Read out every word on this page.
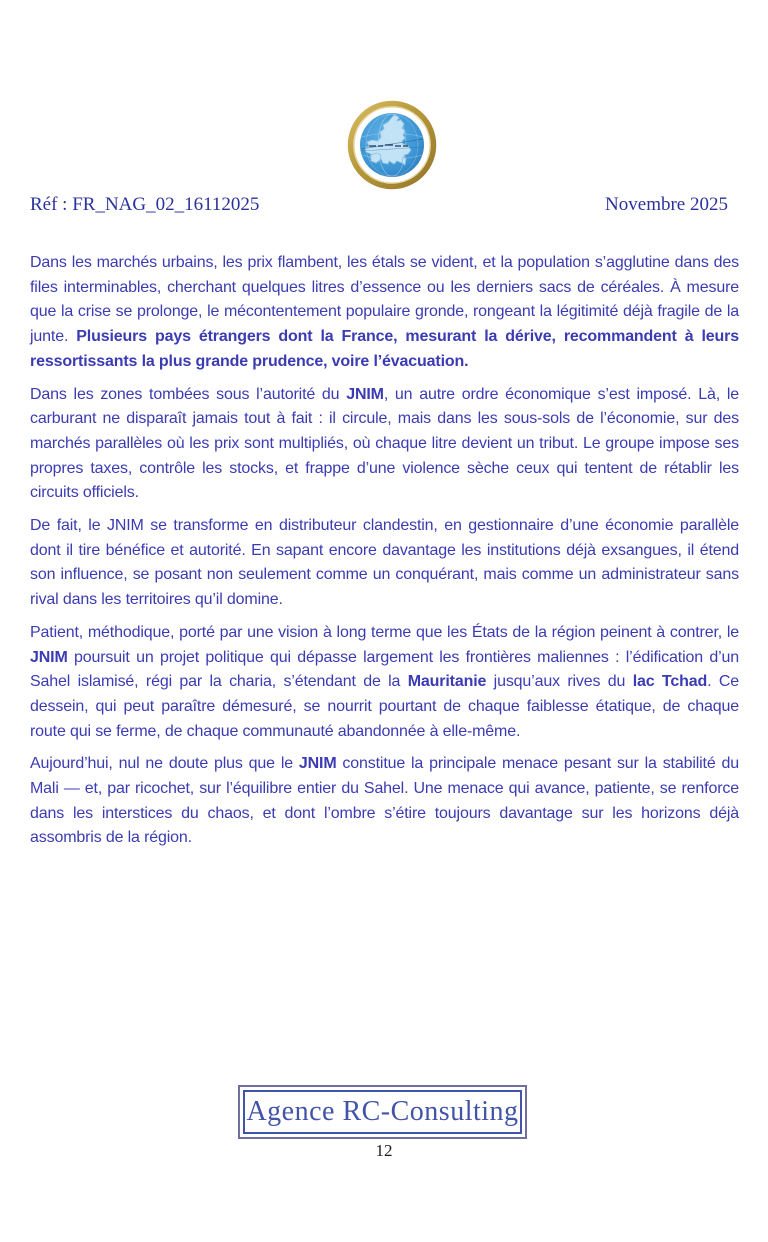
Réf : FR_NAG_02_16112025	Novembre 2025

Dans les marchés urbains, les prix flambent, les étals se vident, et la population s’agglutine dans des files interminables, cherchant quelques litres d’essence ou les derniers sacs de céréales. À mesure que la crise se prolonge, le mécontentement populaire gronde, rongeant la légitimité déjà fragile de la junte. Plusieurs pays étrangers dont la France, mesurant la dérive, recommandent à leurs ressortissants la plus grande prudence, voire l’évacuation.

Dans les zones tombées sous l’autorité du JNIM, un autre ordre économique s’est imposé. Là, le carburant ne disparaît jamais tout à fait : il circule, mais dans les sous-sols de l’économie, sur des marchés parallèles où les prix sont multipliés, où chaque litre devient un tribut. Le groupe impose ses propres taxes, contrôle les stocks, et frappe d’une violence sèche ceux qui tentent de rétablir les circuits officiels.

De fait, le JNIM se transforme en distributeur clandestin, en gestionnaire d’une économie parallèle dont il tire bénéfice et autorité. En sapant encore davantage les institutions déjà exsangues, il étend son influence, se posant non seulement comme un conquérant, mais comme un administrateur sans rival dans les territoires qu’il domine.

Patient, méthodique, porté par une vision à long terme que les États de la région peinent à contrer, le JNIM poursuit un projet politique qui dépasse largement les frontières maliennes : l’édification d’un Sahel islamisé, régi par la charia, s’étendant de la Mauritanie jusqu’aux rives du lac Tchad. Ce dessein, qui peut paraître démesuré, se nourrit pourtant de chaque faiblesse étatique, de chaque route qui se ferme, de chaque communauté abandonnée à elle-même.

Aujourd’hui, nul ne doute plus que le JNIM constitue la principale menace pesant sur la stabilité du Mali — et, par ricochet, sur l’équilibre entier du Sahel. Une menace qui avance, patiente, se renforce dans les interstices du chaos, et dont l’ombre s’étire toujours davantage sur les horizons déjà assombris de la région.

Agence RC-Consulting
12
